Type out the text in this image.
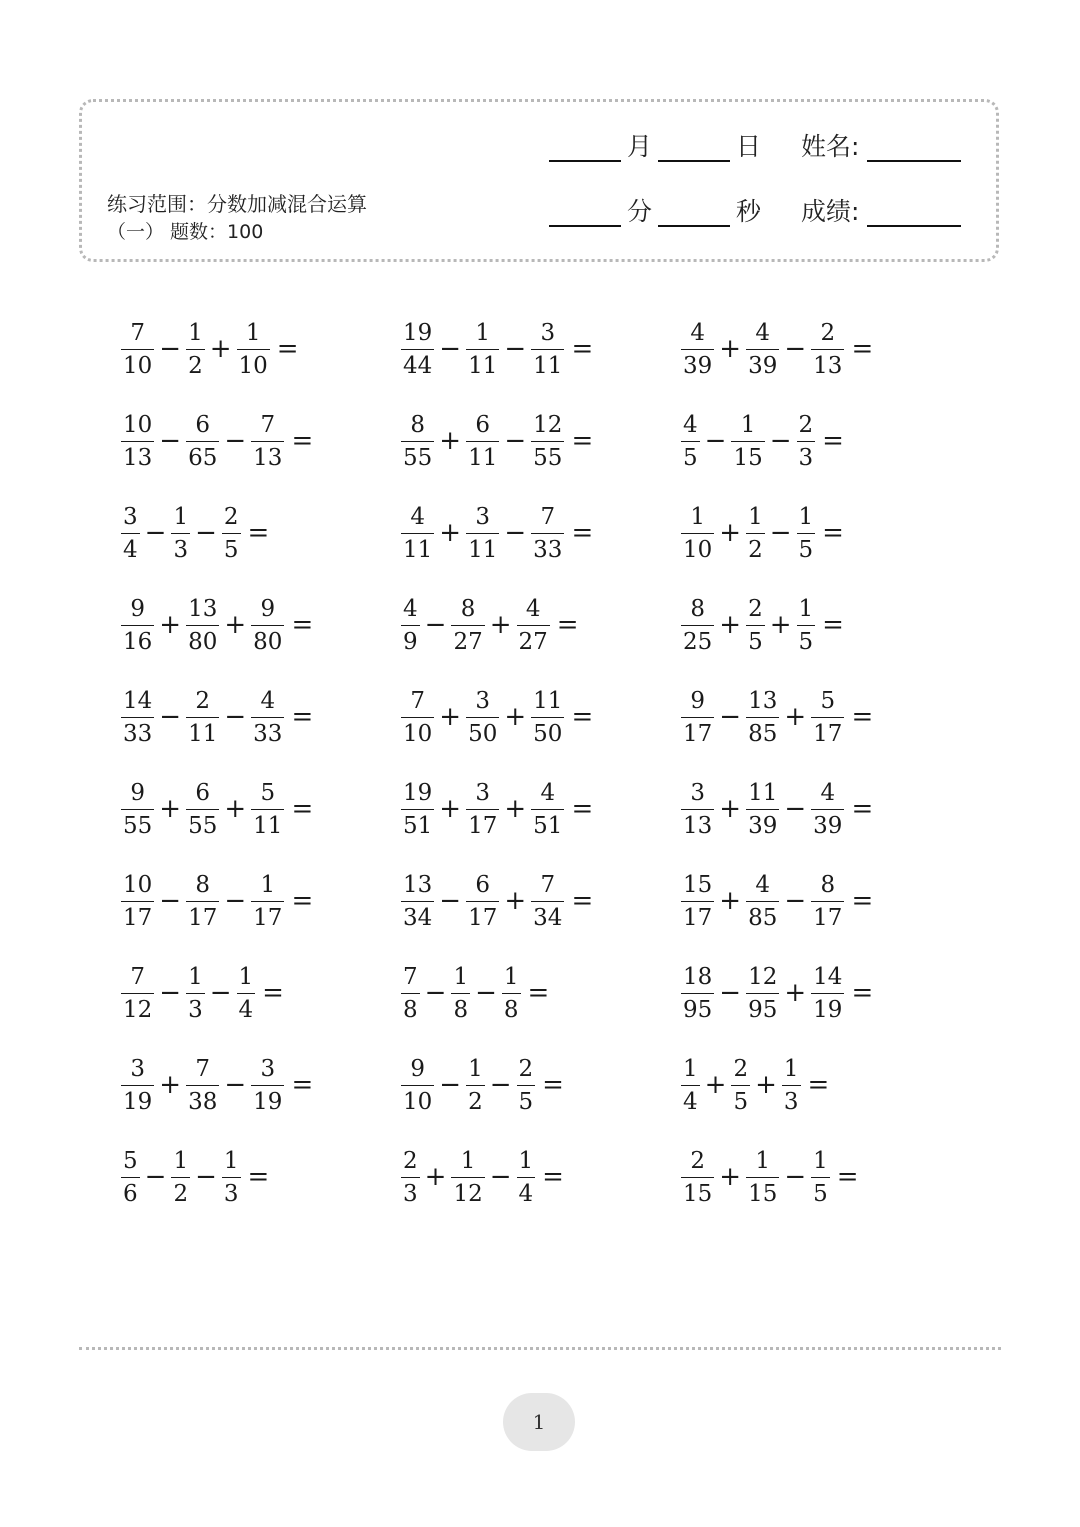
练习范围：分数加减混合运算
（一） 题数：100
月	日 姓名:
分	秒 成绩:
$\frac{7}{10} - \frac{1}{2} + \frac{1}{10}$ =	$\frac{19}{44} - \frac{1}{11} - \frac{3}{11}$ =	$\frac{4}{39} + \frac{4}{39} - \frac{2}{13}$ =
$\frac{10}{13} - \frac{6}{65} - \frac{7}{13}$ =	$\frac{8}{55} + \frac{6}{11} - \frac{12}{55}$ =	$\frac{4}{5} - \frac{1}{15} - \frac{2}{3}$ =
$\frac{3}{4} - \frac{1}{3} - \frac{2}{5}$ =	$\frac{4}{11} + \frac{3}{11} - \frac{7}{33}$ =	$\frac{1}{10} + \frac{1}{2} - \frac{1}{5}$ =
$\frac{9}{16} + \frac{13}{80} + \frac{9}{80}$ =	$\frac{4}{9} - \frac{8}{27} + \frac{4}{27}$ =	$\frac{8}{25} + \frac{2}{5} + \frac{1}{5}$ =
$\frac{14}{33} - \frac{2}{11} - \frac{4}{33}$ =	$\frac{7}{10} + \frac{3}{50} + \frac{11}{50}$ =	$\frac{9}{17} - \frac{13}{85} + \frac{5}{17}$ =
$\frac{9}{55} + \frac{6}{55} + \frac{5}{11}$ =	$\frac{19}{51} + \frac{3}{17} + \frac{4}{51}$ =	$\frac{3}{13} + \frac{11}{39} - \frac{4}{39}$ =
$\frac{10}{17} - \frac{8}{17} - \frac{1}{17}$ =	$\frac{13}{34} - \frac{6}{17} + \frac{7}{34}$ =	$\frac{15}{17} + \frac{4}{85} - \frac{8}{17}$ =
$\frac{7}{12} - \frac{1}{3} - \frac{1}{4}$ =	$\frac{7}{8} - \frac{1}{8} - \frac{1}{8}$ =	$\frac{18}{95} - \frac{12}{95} + \frac{14}{19}$ =
$\frac{3}{19} + \frac{7}{38} - \frac{3}{19}$ =	$\frac{9}{10} - \frac{1}{2} - \frac{2}{5}$ =	$\frac{1}{4} + \frac{2}{5} + \frac{1}{3}$ =
$\frac{5}{6} - \frac{1}{2} - \frac{1}{3}$ =	$\frac{2}{3} + \frac{1}{12} - \frac{1}{4}$ =	$\frac{2}{15} + \frac{1}{15} - \frac{1}{5}$ =
1
